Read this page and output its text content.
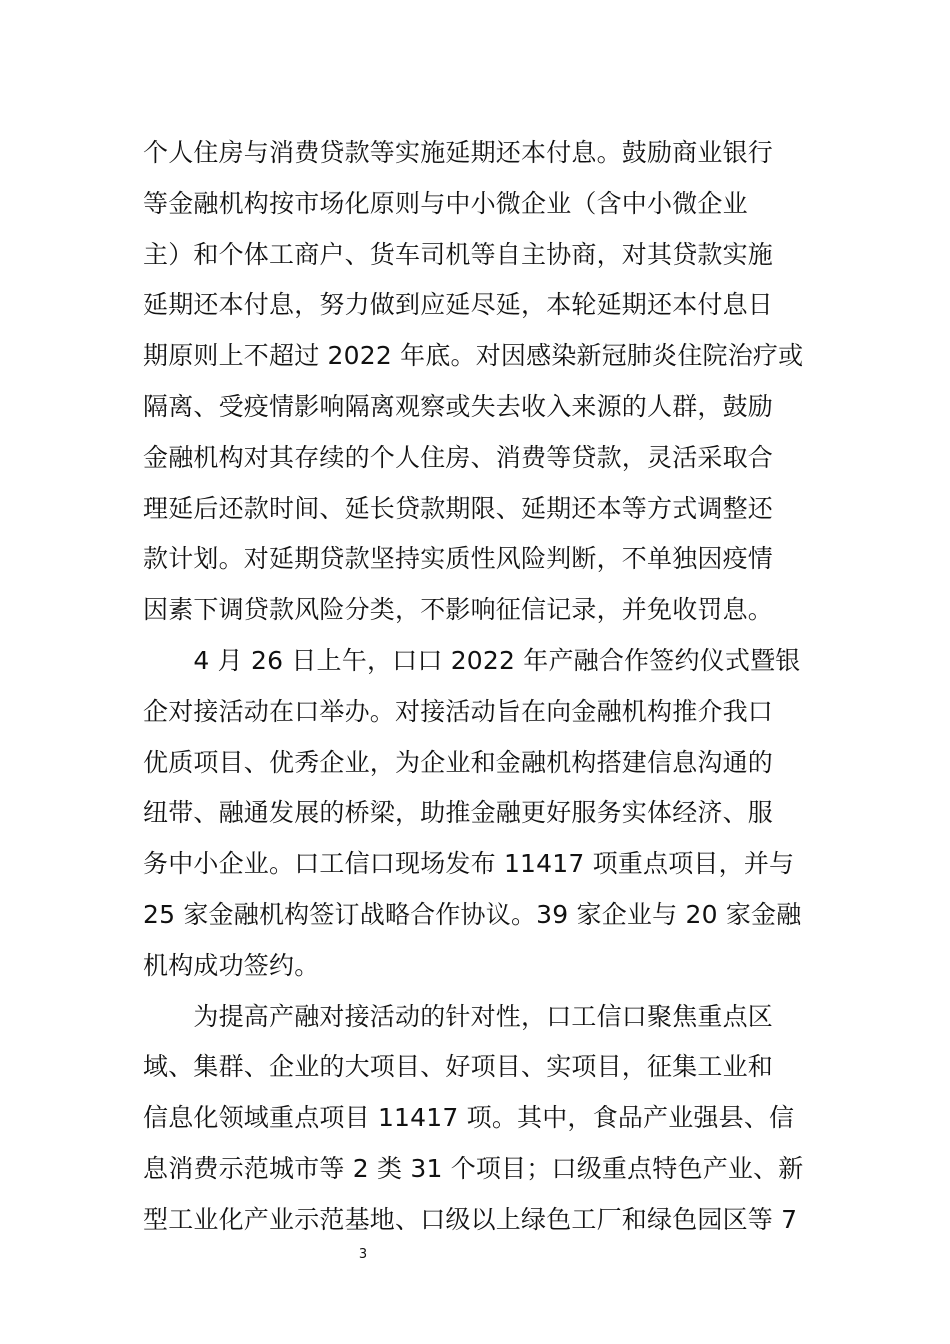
个人住房与消费贷款等实施延期还本付息。鼓励商业银行
等金融机构按市场化原则与中小微企业（含中小微企业
主）和个体工商户、货车司机等自主协商，对其贷款实施
延期还本付息，努力做到应延尽延，本轮延期还本付息日
期原则上不超过 2022 年底。对因感染新冠肺炎住院治疗或
隔离、受疫情影响隔离观察或失去收入来源的人群，鼓励
金融机构对其存续的个人住房、消费等贷款，灵活采取合
理延后还款时间、延长贷款期限、延期还本等方式调整还
款计划。对延期贷款坚持实质性风险判断，不单独因疫情
因素下调贷款风险分类，不影响征信记录，并免收罚息。
　　4 月 26 日上午，口口 2022 年产融合作签约仪式暨银
企对接活动在口举办。对接活动旨在向金融机构推介我口
优质项目、优秀企业，为企业和金融机构搭建信息沟通的
纽带、融通发展的桥梁，助推金融更好服务实体经济、服
务中小企业。口工信口现场发布 11417 项重点项目，并与
25 家金融机构签订战略合作协议。39 家企业与 20 家金融
机构成功签约。
　　为提高产融对接活动的针对性，口工信口聚焦重点区
域、集群、企业的大项目、好项目、实项目，征集工业和
信息化领域重点项目 11417 项。其中，食品产业强县、信
息消费示范城市等 2 类 31 个项目；口级重点特色产业、新
型工业化产业示范基地、口级以上绿色工厂和绿色园区等 7
3
